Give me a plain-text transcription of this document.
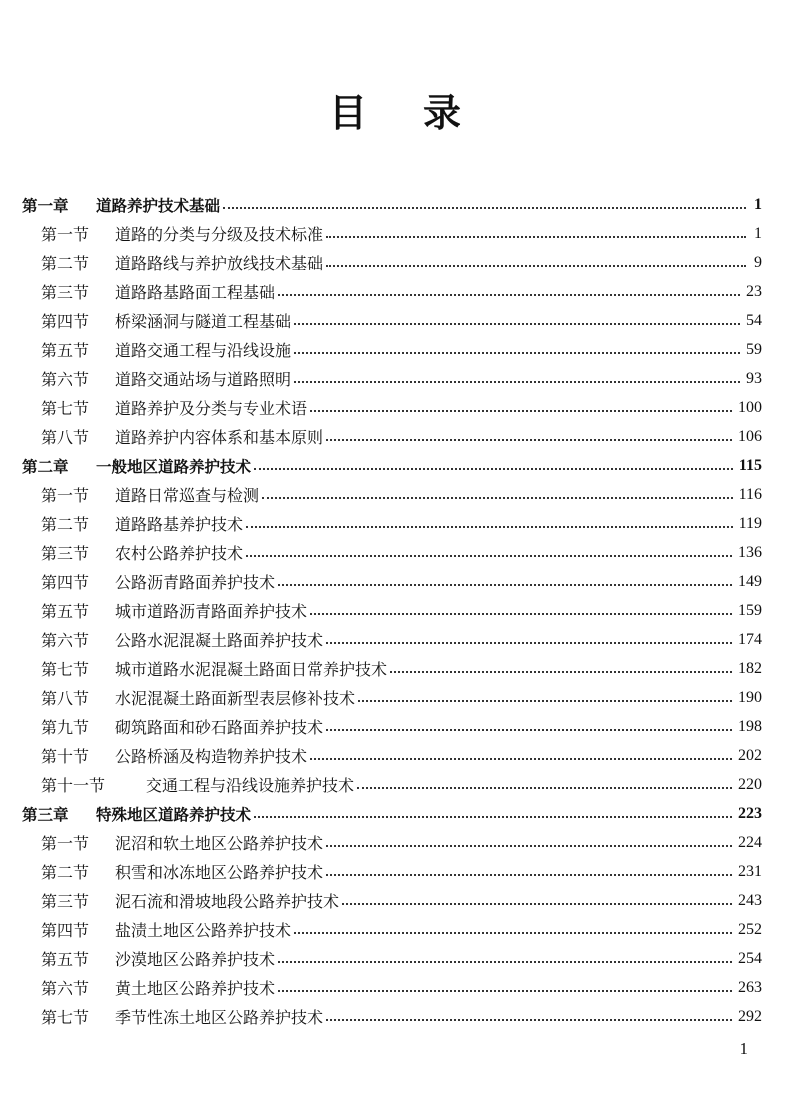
目 录
第一章	道路养护技术基础	1
第一节	道路的分类与分级及技术标准	1
第二节	道路路线与养护放线技术基础	9
第三节	道路路基路面工程基础	23
第四节	桥梁涵洞与隧道工程基础	54
第五节	道路交通工程与沿线设施	59
第六节	道路交通站场与道路照明	93
第七节	道路养护及分类与专业术语	100
第八节	道路养护内容体系和基本原则	106
第二章	一般地区道路养护技术	115
第一节	道路日常巡查与检测	116
第二节	道路路基养护技术	119
第三节	农村公路养护技术	136
第四节	公路沥青路面养护技术	149
第五节	城市道路沥青路面养护技术	159
第六节	公路水泥混凝土路面养护技术	174
第七节	城市道路水泥混凝土路面日常养护技术	182
第八节	水泥混凝土路面新型表层修补技术	190
第九节	砌筑路面和砂石路面养护技术	198
第十节	公路桥涵及构造物养护技术	202
第十一节	交通工程与沿线设施养护技术	220
第三章	特殊地区道路养护技术	223
第一节	泥沼和软土地区公路养护技术	224
第二节	积雪和冰冻地区公路养护技术	231
第三节	泥石流和滑坡地段公路养护技术	243
第四节	盐渍土地区公路养护技术	252
第五节	沙漠地区公路养护技术	254
第六节	黄土地区公路养护技术	263
第七节	季节性冻土地区公路养护技术	292
1
